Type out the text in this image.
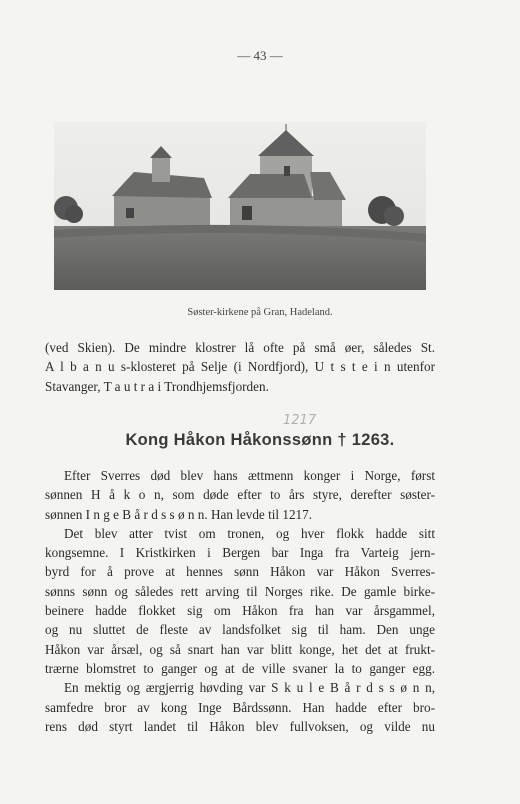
— 43 —
Søster-kirkene på Gran, Hadeland.
(ved Skien). De mindre klostrer lå ofte på små øer, således St.
A l b a n u s-klosteret på Selje (i Nordfjord), U t s t e i n utenfor
Stavanger, T a u t r a i Trondhjemsfjorden.
1217
Kong Håkon Håkonssønn † 1263.
Efter Sverres død blev hans ættmenn konger i Norge, først
sønnen H å k o n, som døde efter to års styre, derefter søster-
sønnen I n g e B å r d s s ø n n. Han levde til 1217.
Det blev atter tvist om tronen, og hver flokk hadde sitt
kongsemne. I Kristkirken i Bergen bar Inga fra Varteig jern-
byrd for å prove at hennes sønn Håkon var Håkon Sverres-
sønns sønn og således rett arving til Norges rike. De gamle birke-
beinere hadde flokket sig om Håkon fra han var årsgammel,
og nu sluttet de fleste av landsfolket sig til ham. Den unge
Håkon var årsæl, og så snart han var blitt konge, het det at frukt-
trærne blomstret to ganger og at de ville svaner la to ganger egg.
En mektig og ærgjerrig høvding var S k u l e B å r d s s ø n n,
samfedre bror av kong Inge Bårdssønn. Han hadde efter bro-
rens død styrt landet til Håkon blev fullvoksen, og vilde nu
